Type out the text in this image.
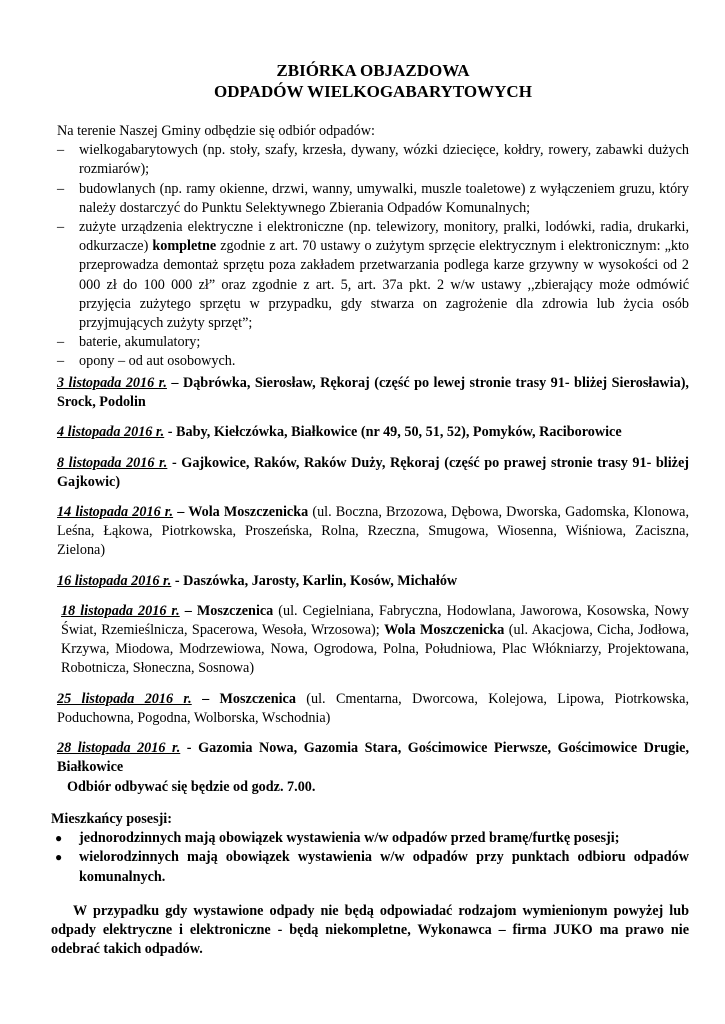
ZBIÓRKA OBJAZDOWA

ODPADÓW WIELKOGABARYTOWYCH

Na terenie Naszej Gminy odbędzie się odbiór odpadów:

– wielkogabarytowych (np. stoły, szafy, krzesła, dywany, wózki dziecięce, kołdry, rowery, zabawki dużych rozmiarów);
– budowlanych (np. ramy okienne, drzwi, wanny, umywalki, muszle toaletowe) z wyłączeniem gruzu, który należy dostarczyć do Punktu Selektywnego Zbierania Odpadów Komunalnych;
– zużyte urządzenia elektryczne i elektroniczne (np. telewizory, monitory, pralki, lodówki, radia, drukarki, odkurzacze) kompletne zgodnie z art. 70 ustawy o zużytym sprzęcie elektrycznym i elektronicznym: „kto przeprowadza demontaż sprzętu poza zakładem przetwarzania podlega karze grzywny w wysokości od 2 000 zł do 100 000 zł” oraz zgodnie z art. 5, art. 37a pkt. 2 w/w ustawy ,,zbierający może odmówić przyjęcia zużytego sprzętu w przypadku, gdy stwarza on zagrożenie dla zdrowia lub życia osób przyjmujących zużyty sprzęt”;
– baterie, akumulatory;
– opony – od aut osobowych.

3 listopada 2016 r. – Dąbrówka, Sierosław, Rękoraj (część po lewej stronie trasy 91- bliżej Sierosławia), Srock, Podolin

4 listopada 2016 r. - Baby, Kiełczówka, Białkowice (nr 49, 50, 51, 52), Pomyków, Raciborowice

8 listopada 2016 r. - Gajkowice, Raków, Raków Duży, Rękoraj (część po prawej stronie trasy 91- bliżej Gajkowic)

14 listopada 2016 r. – Wola Moszczenicka (ul. Boczna, Brzozowa, Dębowa, Dworska, Gadomska, Klonowa, Leśna, Łąkowa, Piotrkowska, Proszeńska, Rolna, Rzeczna, Smugowa, Wiosenna, Wiśniowa, Zaciszna, Zielona)

16 listopada 2016 r. - Daszówka, Jarosty, Karlin, Kosów, Michałów

18 listopada 2016 r. – Moszczenica (ul. Cegielniana, Fabryczna, Hodowlana, Jaworowa, Kosowska, Nowy Świat, Rzemieślnicza, Spacerowa, Wesoła, Wrzosowa); Wola Moszczenicka (ul. Akacjowa, Cicha, Jodłowa, Krzywa, Miodowa, Modrzewiowa, Nowa, Ogrodowa, Polna, Południowa, Plac Włókniarzy, Projektowana, Robotnicza, Słoneczna, Sosnowa)

25 listopada 2016 r. – Moszczenica (ul. Cmentarna, Dworcowa, Kolejowa, Lipowa, Piotrkowska, Poduchowna, Pogodna, Wolborska, Wschodnia)

28 listopada 2016 r. - Gazomia Nowa, Gazomia Stara, Gościmowice Pierwsze, Gościmowice Drugie, Białkowice

Odbiór odbywać się będzie od godz. 7.00.

Mieszkańcy posesji:

● jednorodzinnych mają obowiązek wystawienia w/w odpadów przed bramę/furtkę posesji;
● wielorodzinnych mają obowiązek wystawienia w/w odpadów przy punktach odbioru odpadów komunalnych.

W przypadku gdy wystawione odpady nie będą odpowiadać rodzajom wymienionym powyżej lub odpady elektryczne i elektroniczne - będą niekompletne, Wykonawca – firma JUKO ma prawo nie odebrać takich odpadów.
